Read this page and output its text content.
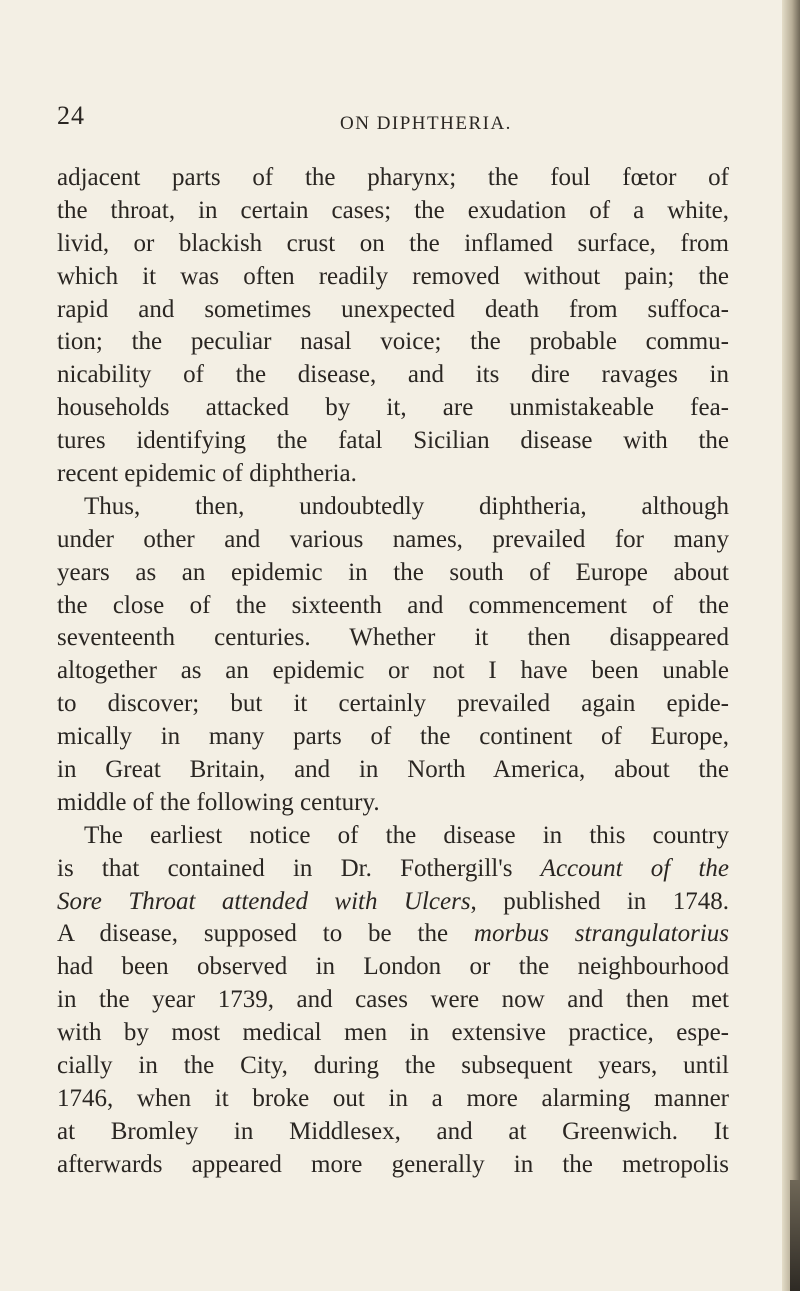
24	ON DIPHTHERIA.
adjacent parts of the pharynx; the foul fœtor of
the throat, in certain cases; the exudation of a white,
livid, or blackish crust on the inflamed surface, from
which it was often readily removed without pain; the
rapid and sometimes unexpected death from suffoca-
tion; the peculiar nasal voice; the probable commu-
nicability of the disease, and its dire ravages in
households attacked by it, are unmistakeable fea-
tures identifying the fatal Sicilian disease with the
recent epidemic of diphtheria.
Thus, then, undoubtedly diphtheria, although
under other and various names, prevailed for many
years as an epidemic in the south of Europe about
the close of the sixteenth and commencement of the
seventeenth centuries. Whether it then disappeared
altogether as an epidemic or not I have been unable
to discover; but it certainly prevailed again epide-
mically in many parts of the continent of Europe,
in Great Britain, and in North America, about the
middle of the following century.
The earliest notice of the disease in this country
is that contained in Dr. Fothergill's Account of the
Sore Throat attended with Ulcers, published in 1748.
A disease, supposed to be the morbus strangulatorius
had been observed in London or the neighbourhood
in the year 1739, and cases were now and then met
with by most medical men in extensive practice, espe-
cially in the City, during the subsequent years, until
1746, when it broke out in a more alarming manner
at Bromley in Middlesex, and at Greenwich. It
afterwards appeared more generally in the metropolis
